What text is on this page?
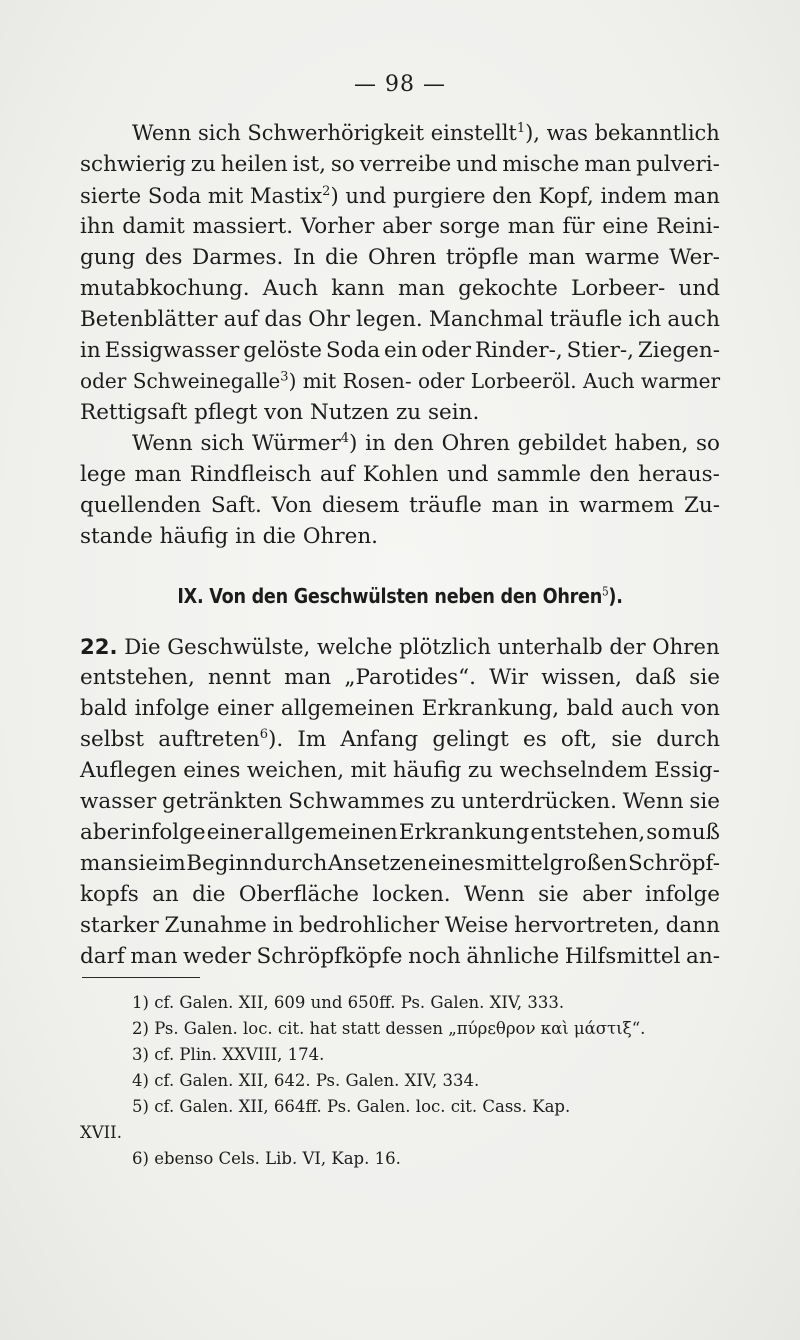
— 98 —
Wenn sich Schwerhörigkeit einstellt$^1$), was bekanntlich
schwierig zu heilen ist, so verreibe und mische man pulveri-
sierte Soda mit Mastix$^2$) und purgiere den Kopf, indem man
ihn damit massiert. Vorher aber sorge man für eine Reini-
gung des Darmes. In die Ohren tröpfle man warme Wer-
mutabkochung. Auch kann man gekochte Lorbeer- und
Betenblätter auf das Ohr legen. Manchmal träufle ich auch
in Essigwasser gelöste Soda ein oder Rinder-, Stier-, Ziegen-
oder Schweinegalle$^3$) mit Rosen- oder Lorbeeröl. Auch warmer
Rettigsaft pflegt von Nutzen zu sein.
Wenn sich Würmer$^4$) in den Ohren gebildet haben, so
lege man Rindfleisch auf Kohlen und sammle den heraus-
quellenden Saft. Von diesem träufle man in warmem Zu-
stande häufig in die Ohren.
IX. Von den Geschwülsten neben den Ohren$^5$).
22. Die Geschwülste, welche plötzlich unterhalb der Ohren
entstehen, nennt man „Parotides“. Wir wissen, daß sie
bald infolge einer allgemeinen Erkrankung, bald auch von
selbst auftreten$^6$). Im Anfang gelingt es oft, sie durch
Auflegen eines weichen, mit häufig zu wechselndem Essig-
wasser getränkten Schwammes zu unterdrücken. Wenn sie
aber infolge einer allgemeinen Erkrankung entstehen, so muß
man sie im Beginn durch Ansetzen eines mittelgroßen Schröpf-
kopfs an die Oberfläche locken. Wenn sie aber infolge
starker Zunahme in bedrohlicher Weise hervortreten, dann
darf man weder Schröpfköpfe noch ähnliche Hilfsmittel an-
1) cf. Galen. XII, 609 und 650ff. Ps. Galen. XIV, 333.
2) Ps. Galen. loc. cit. hat statt dessen „πύρεθρον καὶ μάστιξ“.
3) cf. Plin. XXVIII, 174.
4) cf. Galen. XII, 642. Ps. Galen. XIV, 334.
5) cf. Galen. XII, 664ff. Ps. Galen. loc. cit. Cass. Kap.
XVII.
6) ebenso Cels. Lib. VI, Kap. 16.
